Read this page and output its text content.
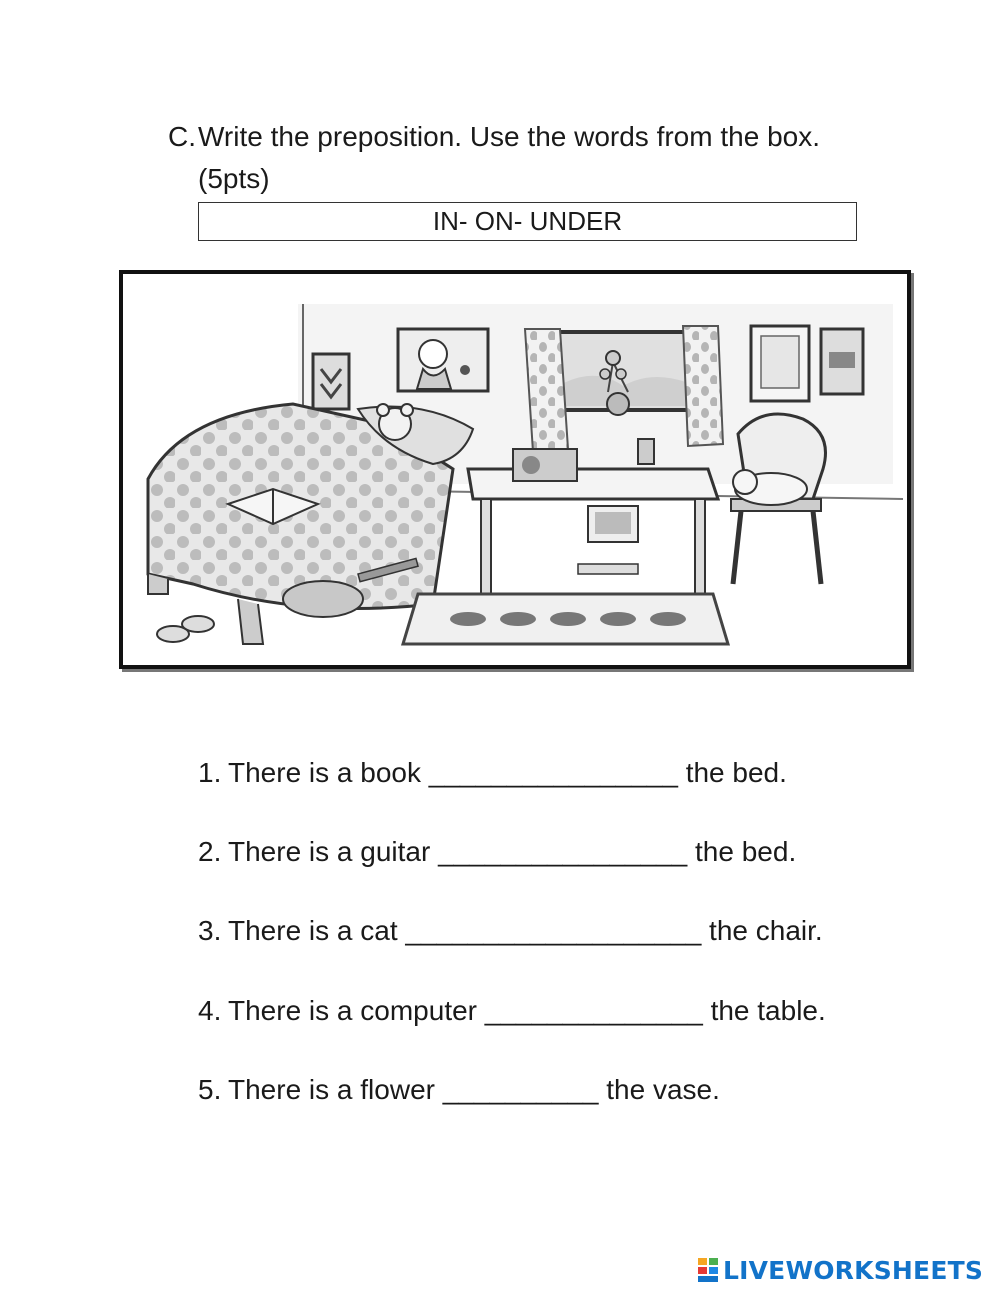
C. Write the preposition. Use the words from the box. (5pts)
IN- ON- UNDER
1. There is a book ________________ the bed.
2. There is a guitar ________________ the bed.
3. There is a cat ___________________ the chair.
4. There is a computer ______________ the table.
5. There is a flower __________ the vase.
LIVEWORKSHEETS
